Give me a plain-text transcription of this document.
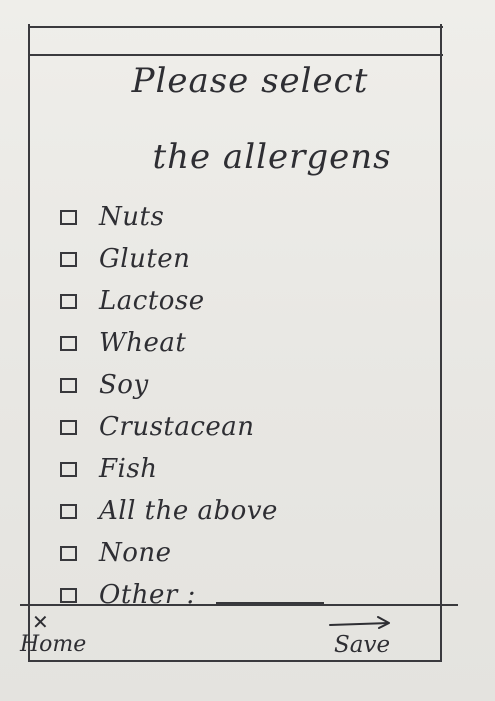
Please select
the allergens
Nuts
Gluten
Lactose
Wheat
Soy
Crustacean
Fish
All the above
None
Other :
✕
Home	Save
